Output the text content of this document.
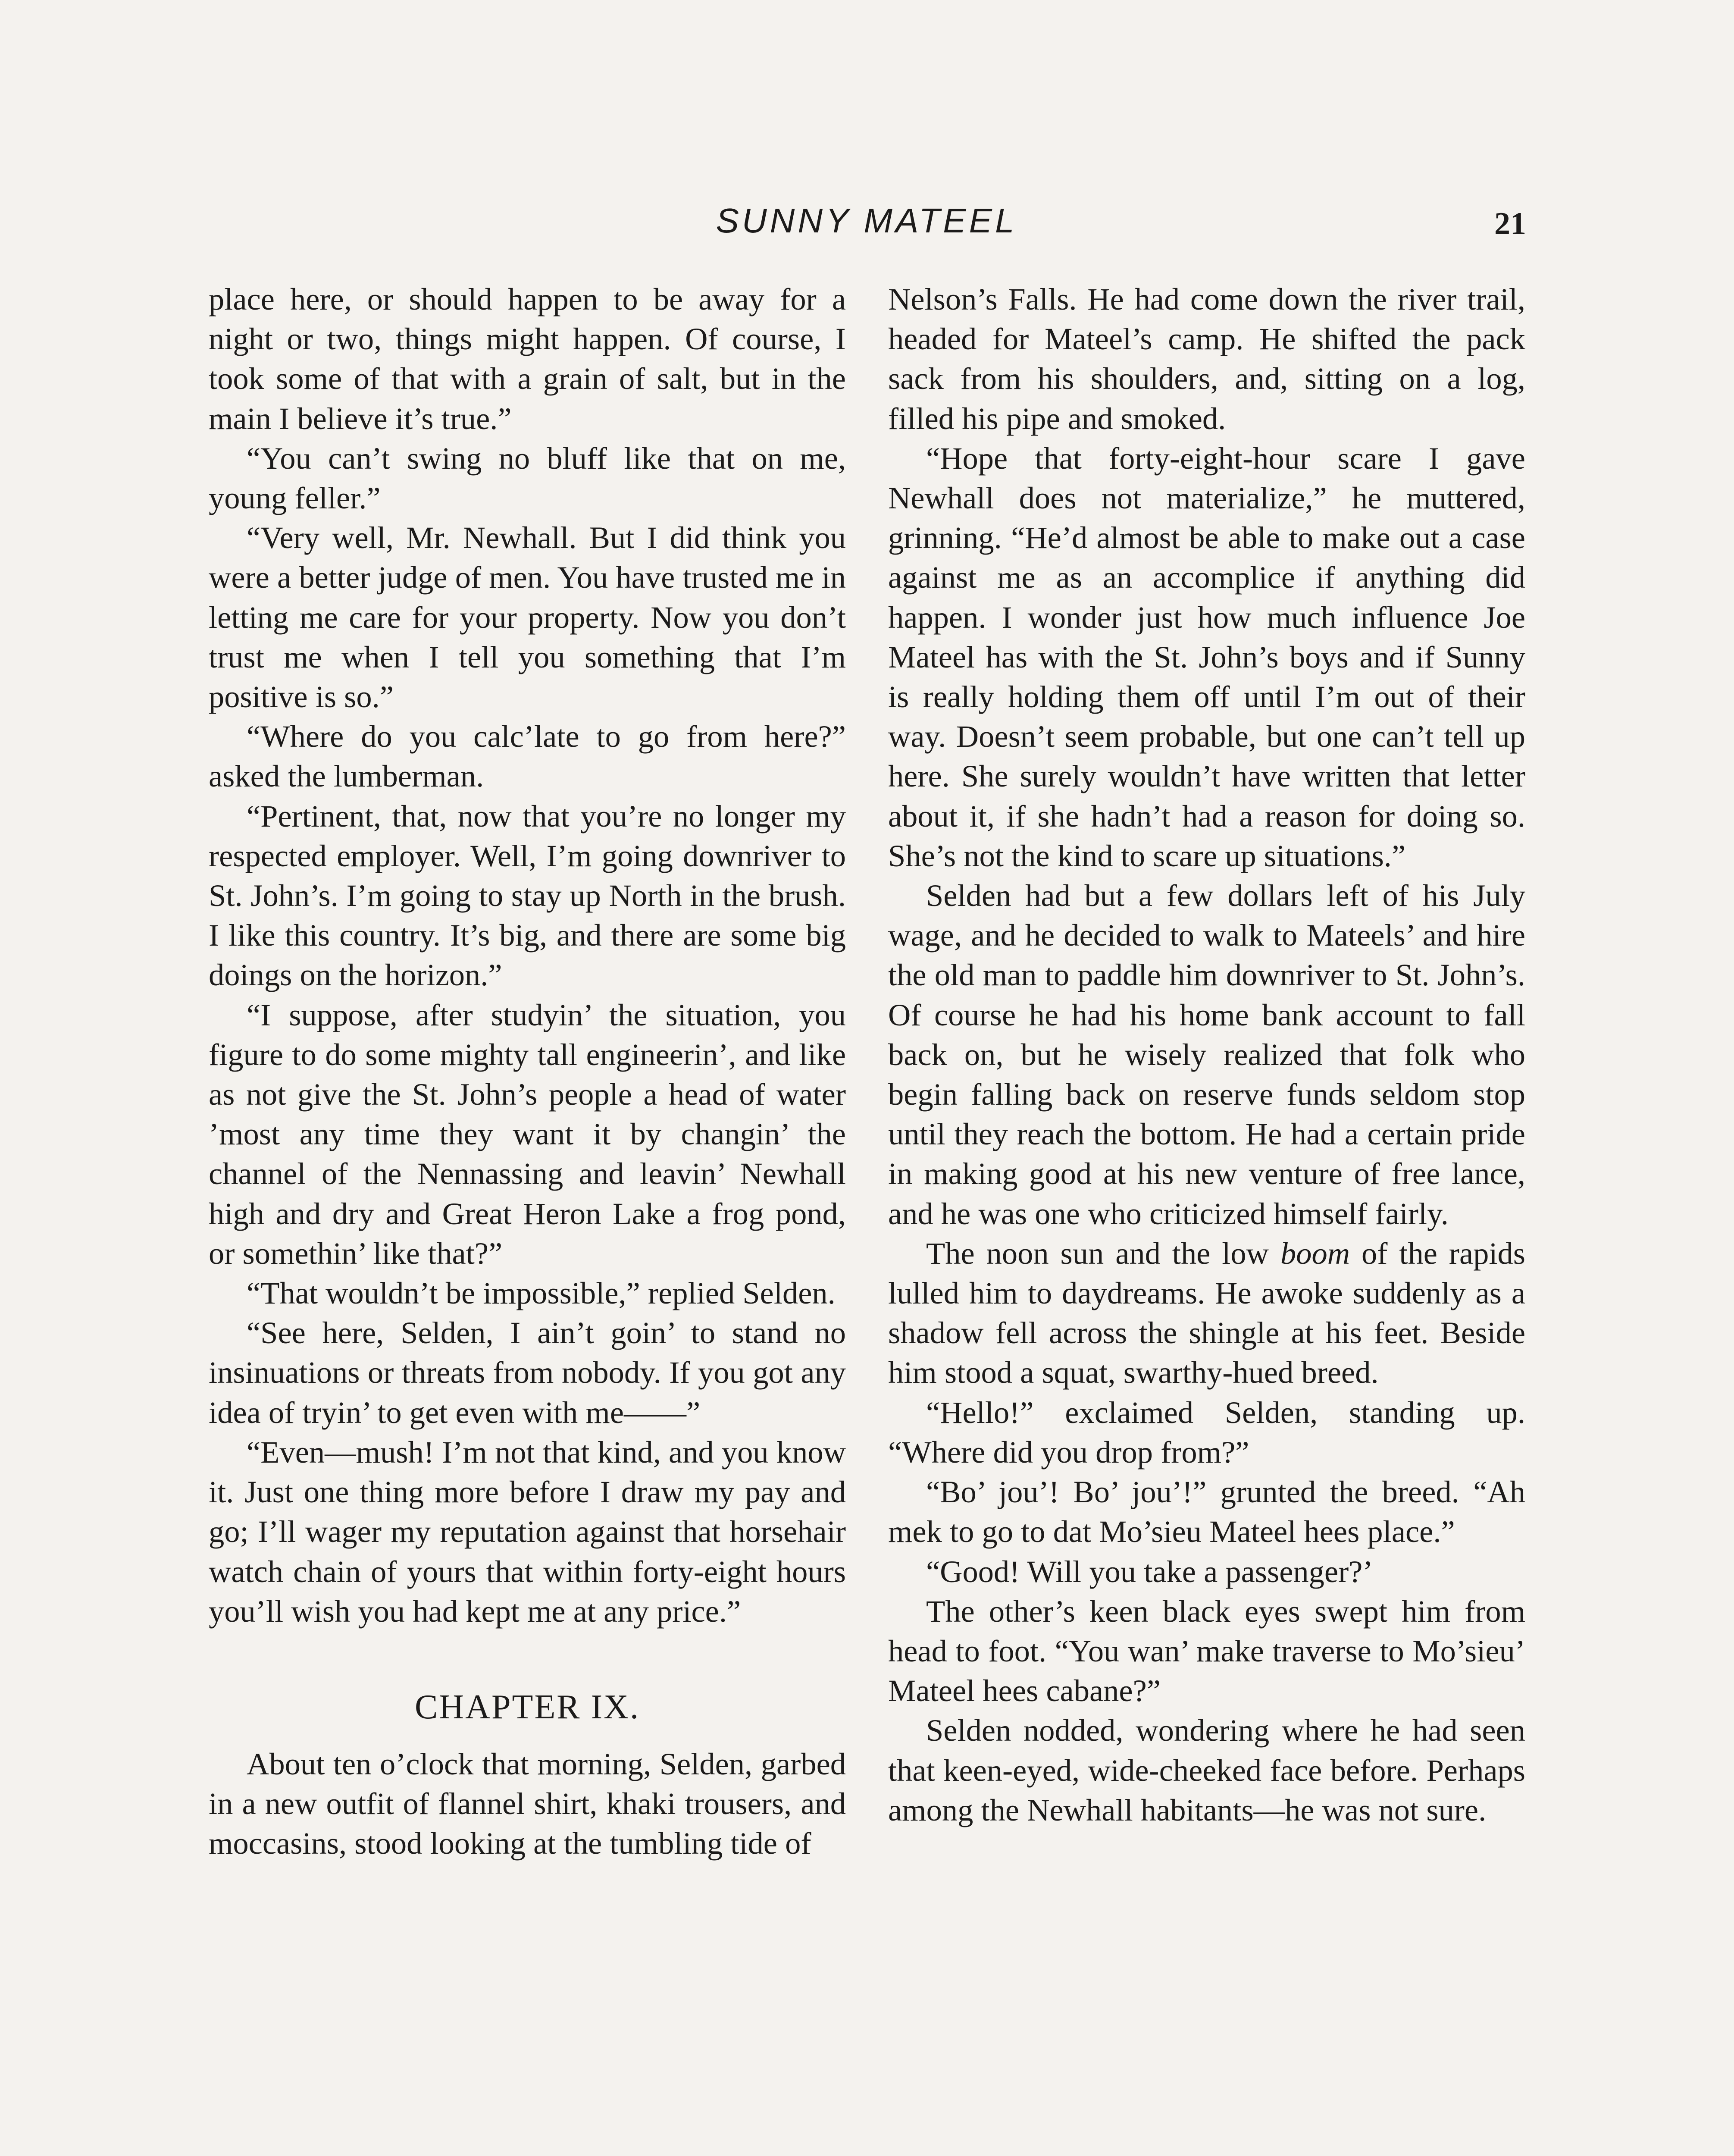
SUNNY MATEEL	21

place here, or should happen to be away for a night or two, things might happen. Of course, I took some of that with a grain of salt, but in the main I believe it’s true.”

“You can’t swing no bluff like that on me, young feller.”

“Very well, Mr. Newhall. But I did think you were a better judge of men. You have trusted me in letting me care for your property. Now you don’t trust me when I tell you something that I’m positive is so.”

“Where do you calc’late to go from here?” asked the lumberman.

“Pertinent, that, now that you’re no longer my respected employer. Well, I’m going downriver to St. John’s. I’m going to stay up North in the brush. I like this country. It’s big, and there are some big doings on the horizon.”

“I suppose, after studyin’ the situation, you figure to do some mighty tall engineerin’, and like as not give the St. John’s people a head of water ’most any time they want it by changin’ the channel of the Nennassing and leavin’ Newhall high and dry and Great Heron Lake a frog pond, or somethin’ like that?”

“That wouldn’t be impossible,” replied Selden.

“See here, Selden, I ain’t goin’ to stand no insinuations or threats from nobody. If you got any idea of tryin’ to get even with me——”

“Even—mush! I’m not that kind, and you know it. Just one thing more before I draw my pay and go; I’ll wager my reputation against that horsehair watch chain of yours that within forty-eight hours you’ll wish you had kept me at any price.”

CHAPTER IX.

About ten o’clock that morning, Selden, garbed in a new outfit of flannel shirt, khaki trousers, and moccasins, stood looking at the tumbling tide of

Nelson’s Falls. He had come down the river trail, headed for Mateel’s camp. He shifted the pack sack from his shoulders, and, sitting on a log, filled his pipe and smoked.

“Hope that forty-eight-hour scare I gave Newhall does not materialize,” he muttered, grinning. “He’d almost be able to make out a case against me as an accomplice if anything did happen. I wonder just how much influence Joe Mateel has with the St. John’s boys and if Sunny is really holding them off until I’m out of their way. Doesn’t seem probable, but one can’t tell up here. She surely wouldn’t have written that letter about it, if she hadn’t had a reason for doing so. She’s not the kind to scare up situations.”

Selden had but a few dollars left of his July wage, and he decided to walk to Mateels’ and hire the old man to paddle him downriver to St. John’s. Of course he had his home bank account to fall back on, but he wisely realized that folk who begin falling back on reserve funds seldom stop until they reach the bottom. He had a certain pride in making good at his new venture of free lance, and he was one who criticized himself fairly.

The noon sun and the low boom of the rapids lulled him to daydreams. He awoke suddenly as a shadow fell across the shingle at his feet. Beside him stood a squat, swarthy-hued breed.

“Hello!” exclaimed Selden, standing up. “Where did you drop from?”

“Bo’ jou’! Bo’ jou’!” grunted the breed. “Ah mek to go to dat Mo’sieu Mateel hees place.”

“Good! Will you take a passenger?’

The other’s keen black eyes swept him from head to foot. “You wan’ make traverse to Mo’sieu’ Mateel hees cabane?”

Selden nodded, wondering where he had seen that keen-eyed, wide-cheeked face before. Perhaps among the Newhall habitants—he was not sure.
